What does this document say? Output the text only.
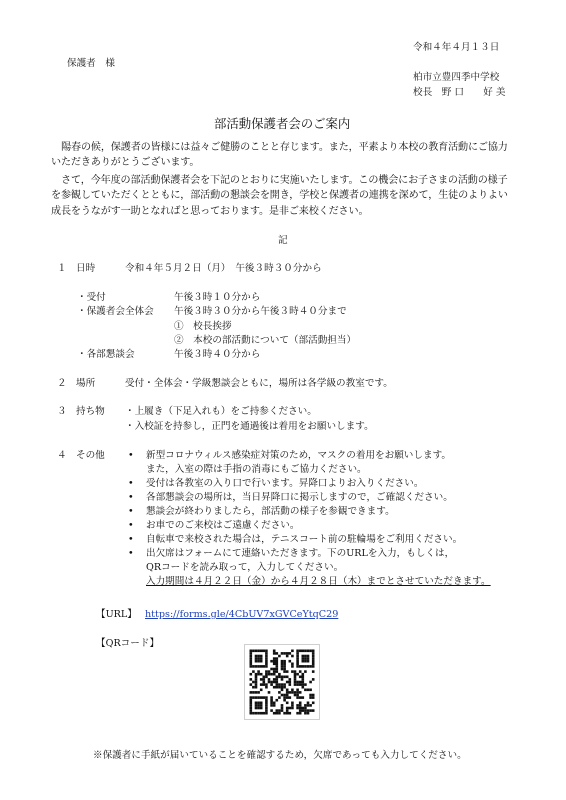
令和４年４月１３日
保護者　様
柏市立豊四季中学校
校長　野 口　　好 美
部活動保護者会のご案内
陽春の候，保護者の皆様には益々ご健勝のことと存じます。また，平素より本校の教育活動にご協力いただきありがとうございます。
さて，今年度の部活動保護者会を下記のとおりに実施いたします。この機会にお子さまの活動の様子を参観していただくとともに，部活動の懇談会を開き，学校と保護者の連携を深めて，生徒のよりよい成長をうながす一助となればと思っております。是非ご来校ください。
記
１ 日時	令和４年５月２日（月）　午後３時３０分から
・受付	午後３時１０分から
・保護者会全体会 午後３時３０分から午後３時４０分まで
①　校長挨拶
②　本校の部活動について（部活動担当）
・各部懇談会	午後３時４０分から
２ 場所	受付・全体会・学級懇談会ともに，場所は各学級の教室です。
３ 持ち物 ・上履き（下足入れも）をご持参ください。
・入校証を持参し，正門を通過後は着用をお願いします。
４ その他 • 新型コロナウィルス感染症対策のため，マスクの着用をお願いします。
また，入室の際は手指の消毒にもご協力ください。
• 受付は各教室の入り口で行います。昇降口よりお入りください。
• 各部懇談会の場所は，当日昇降口に掲示しますので，ご確認ください。
• 懇談会が終わりましたら，部活動の様子を参観できます。
• お車でのご来校はご遠慮ください。
• 自転車で来校された場合は，テニスコート前の駐輪場をご利用ください。
• 出欠席はフォームにて連絡いただきます。下のURLを入力，もしくは，
QRコードを読み取って，入力してください。
入力期間は４月２２日（金）から４月２８日（木）までとさせていただきます。
【URL】 https://forms.gle/4CbUV7xGVCeYtqC29
【QRコード】
※保護者に手紙が届いていることを確認するため，欠席であっても入力してください。
